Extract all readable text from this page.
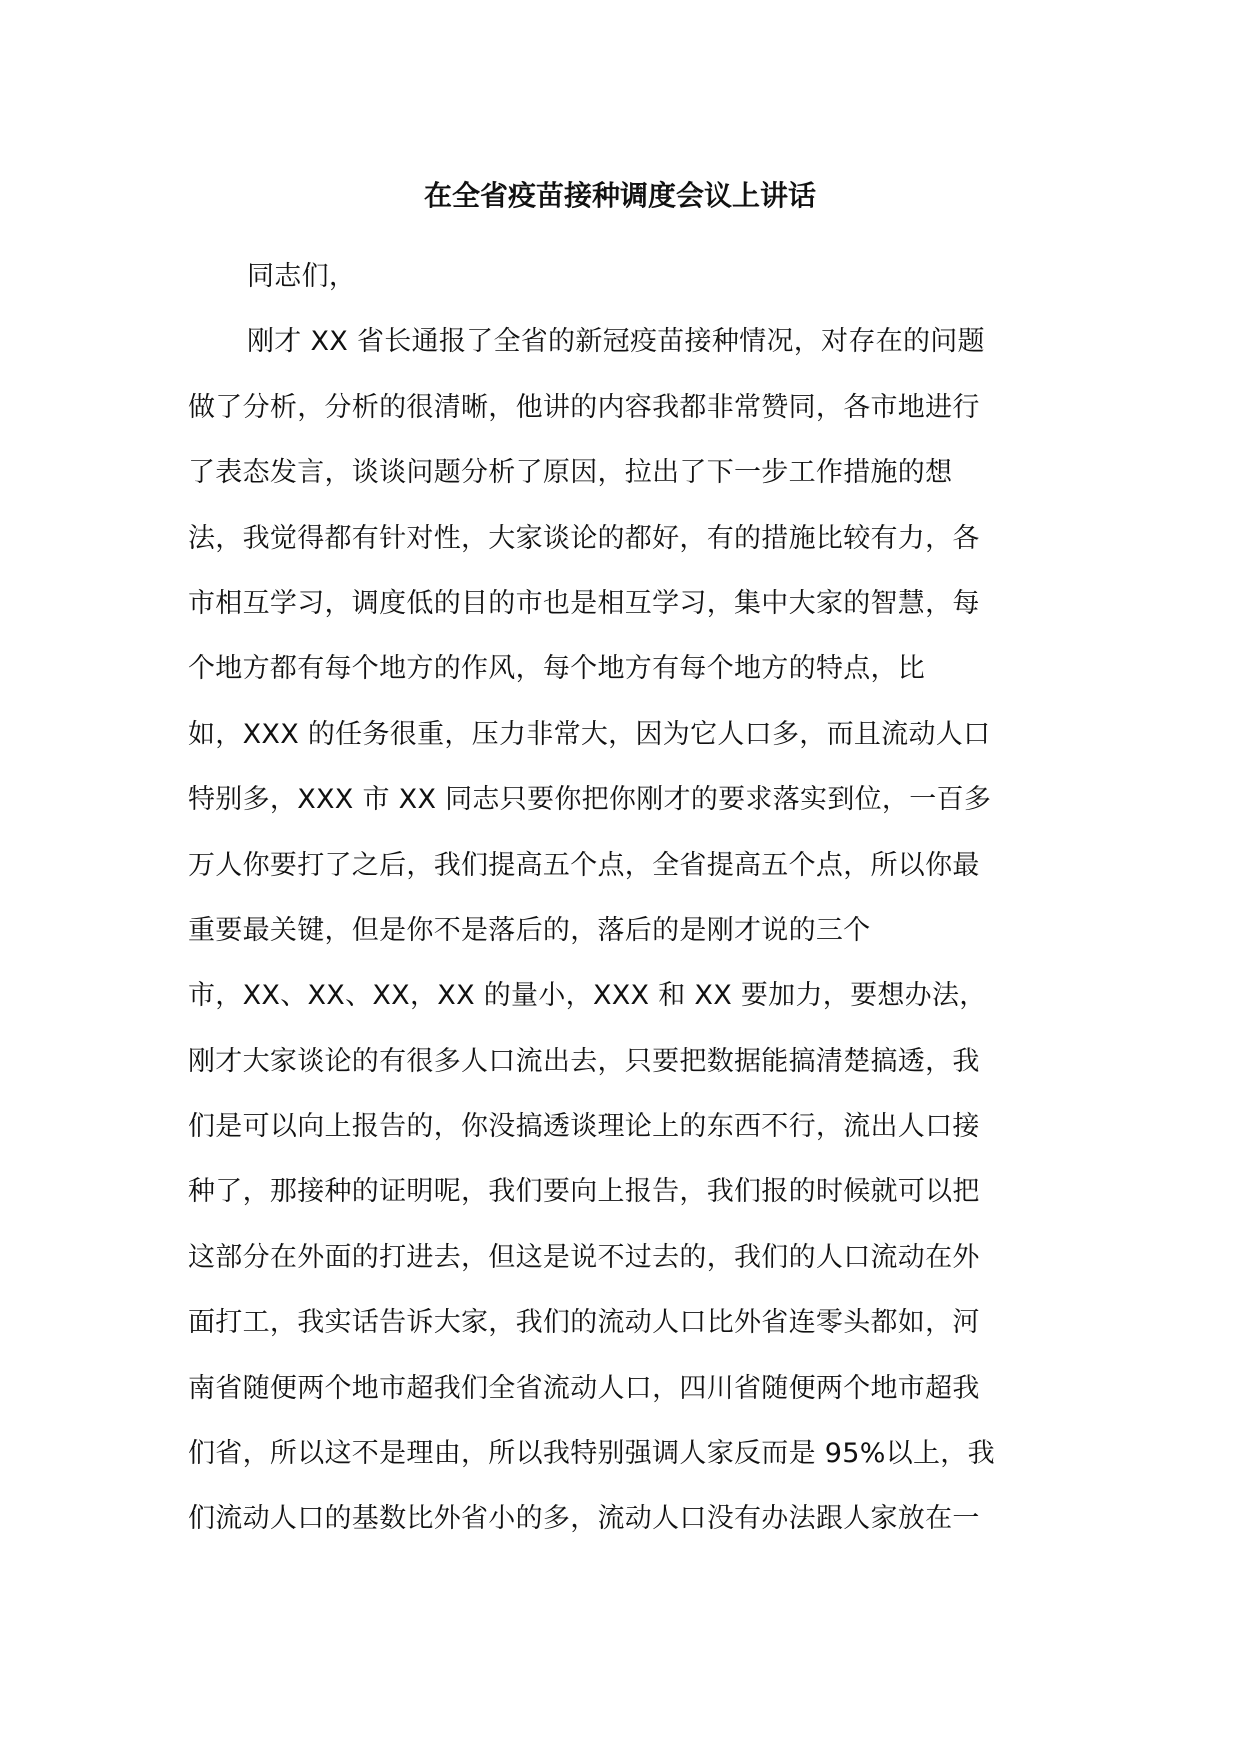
在全省疫苗接种调度会议上讲话
同志们，
刚才 XX 省长通报了全省的新冠疫苗接种情况，对存在的问题
做了分析，分析的很清晰，他讲的内容我都非常赞同，各市地进行
了表态发言，谈谈问题分析了原因，拉出了下一步工作措施的想
法，我觉得都有针对性，大家谈论的都好，有的措施比较有力，各
市相互学习，调度低的目的市也是相互学习，集中大家的智慧，每
个地方都有每个地方的作风，每个地方有每个地方的特点，比
如，XXX 的任务很重，压力非常大，因为它人口多，而且流动人口
特别多，XXX 市 XX 同志只要你把你刚才的要求落实到位，一百多
万人你要打了之后，我们提高五个点，全省提高五个点，所以你最
重要最关键，但是你不是落后的，落后的是刚才说的三个
市，XX、XX、XX，XX 的量小，XXX 和 XX 要加力，要想办法，
刚才大家谈论的有很多人口流出去，只要把数据能搞清楚搞透，我
们是可以向上报告的，你没搞透谈理论上的东西不行，流出人口接
种了，那接种的证明呢，我们要向上报告，我们报的时候就可以把
这部分在外面的打进去，但这是说不过去的，我们的人口流动在外
面打工，我实话告诉大家，我们的流动人口比外省连零头都如，河
南省随便两个地市超我们全省流动人口，四川省随便两个地市超我
们省，所以这不是理由，所以我特别强调人家反而是 95%以上，我
们流动人口的基数比外省小的多，流动人口没有办法跟人家放在一
